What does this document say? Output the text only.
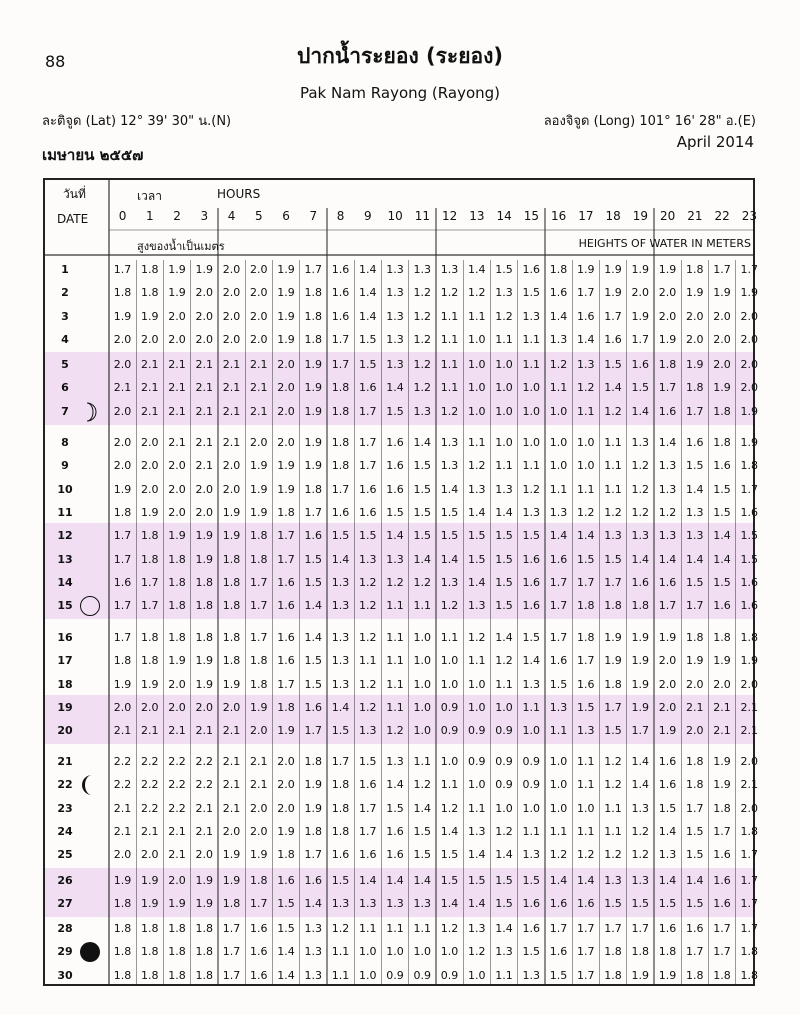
88	ปากน้ำระยอง (ระยอง)
Pak Nam Rayong (Rayong)
ละติจูด (Lat) 12° 39' 30" น.(N)	ลองจิจูด (Long) 101° 16' 28" อ.(E)
เมษายน ๒๕๕๗
April 2014
วันที่
DATE
เวลา	HOURS
0	1	2	3	4	5	6	7	8	9	10 11 12 13 14 15 16 17 18 19 20 21 22 23
สูงของน้ำเป็นเมตร	HEIGHTS OF WATER IN METERS
1	1.7 1.8 1.9 1.9 2.0 2.0 1.9 1.7 1.6 1.4 1.3 1.3 1.3 1.4 1.5 1.6 1.8 1.9 1.9 1.9 1.9 1.8 1.7 1.7
2	1.8 1.8 1.9 2.0 2.0 2.0 1.9 1.8 1.6 1.4 1.3 1.2 1.2 1.2 1.3 1.5 1.6 1.7 1.9 2.0 2.0 1.9 1.9 1.9
3	1.9 1.9 2.0 2.0 2.0 2.0 1.9 1.8 1.6 1.4 1.3 1.2 1.1 1.1 1.2 1.3 1.4 1.6 1.7 1.9 2.0 2.0 2.0 2.0
4	2.0 2.0 2.0 2.0 2.0 2.0 1.9 1.8 1.7 1.5 1.3 1.2 1.1 1.0 1.1 1.1 1.3 1.4 1.6 1.7 1.9 2.0 2.0 2.0
5	2.0 2.1 2.1 2.1 2.1 2.1 2.0 1.9 1.7 1.5 1.3 1.2 1.1 1.0 1.0 1.1 1.2 1.3 1.5 1.6 1.8 1.9 2.0 2.0
6	2.1 2.1 2.1 2.1 2.1 2.1 2.0 1.9 1.8 1.6 1.4 1.2 1.1 1.0 1.0 1.0 1.1 1.2 1.4 1.5 1.7 1.8 1.9 2.0
7	2.0 2.1 2.1 2.1 2.1 2.1 2.0 1.9 1.8 1.7 1.5 1.3 1.2 1.0 1.0 1.0 1.0 1.1 1.2 1.4 1.6 1.7 1.8 1.9
8	2.0 2.0 2.1 2.1 2.1 2.0 2.0 1.9 1.8 1.7 1.6 1.4 1.3 1.1 1.0 1.0 1.0 1.0 1.1 1.3 1.4 1.6 1.8 1.9
9	2.0 2.0 2.0 2.1 2.0 1.9 1.9 1.9 1.8 1.7 1.6 1.5 1.3 1.2 1.1 1.1 1.0 1.0 1.1 1.2 1.3 1.5 1.6 1.8
10	1.9 2.0 2.0 2.0 2.0 1.9 1.9 1.8 1.7 1.6 1.6 1.5 1.4 1.3 1.3 1.2 1.1 1.1 1.1 1.2 1.3 1.4 1.5 1.7
11	1.8 1.9 2.0 2.0 1.9 1.9 1.8 1.7 1.6 1.6 1.5 1.5 1.5 1.4 1.4 1.3 1.3 1.2 1.2 1.2 1.2 1.3 1.5 1.6
12	1.7 1.8 1.9 1.9 1.9 1.8 1.7 1.6 1.5 1.5 1.4 1.5 1.5 1.5 1.5 1.5 1.4 1.4 1.3 1.3 1.3 1.3 1.4 1.5
13	1.7 1.8 1.8 1.9 1.8 1.8 1.7 1.5 1.4 1.3 1.3 1.4 1.4 1.5 1.5 1.6 1.6 1.5 1.5 1.4 1.4 1.4 1.4 1.5
14	1.6 1.7 1.8 1.8 1.8 1.7 1.6 1.5 1.3 1.2 1.2 1.2 1.3 1.4 1.5 1.6 1.7 1.7 1.7 1.6 1.6 1.5 1.5 1.6
15	1.7 1.7 1.8 1.8 1.8 1.7 1.6 1.4 1.3 1.2 1.1 1.1 1.2 1.3 1.5 1.6 1.7 1.8 1.8 1.8 1.7 1.7 1.6 1.6
16	1.7 1.8 1.8 1.8 1.8 1.7 1.6 1.4 1.3 1.2 1.1 1.0 1.1 1.2 1.4 1.5 1.7 1.8 1.9 1.9 1.9 1.8 1.8 1.8
17	1.8 1.8 1.9 1.9 1.8 1.8 1.6 1.5 1.3 1.1 1.1 1.0 1.0 1.1 1.2 1.4 1.6 1.7 1.9 1.9 2.0 1.9 1.9 1.9
18	1.9 1.9 2.0 1.9 1.9 1.8 1.7 1.5 1.3 1.2 1.1 1.0 1.0 1.0 1.1 1.3 1.5 1.6 1.8 1.9 2.0 2.0 2.0 2.0
19	2.0 2.0 2.0 2.0 2.0 1.9 1.8 1.6 1.4 1.2 1.1 1.0 0.9 1.0 1.0 1.1 1.3 1.5 1.7 1.9 2.0 2.1 2.1 2.1
20	2.1 2.1 2.1 2.1 2.1 2.0 1.9 1.7 1.5 1.3 1.2 1.0 0.9 0.9 0.9 1.0 1.1 1.3 1.5 1.7 1.9 2.0 2.1 2.1
21	2.2 2.2 2.2 2.2 2.1 2.1 2.0 1.8 1.7 1.5 1.3 1.1 1.0 0.9 0.9 0.9 1.0 1.1 1.2 1.4 1.6 1.8 1.9 2.0
22	2.2 2.2 2.2 2.2 2.1 2.1 2.0 1.9 1.8 1.6 1.4 1.2 1.1 1.0 0.9 0.9 1.0 1.1 1.2 1.4 1.6 1.8 1.9 2.1
23	2.1 2.2 2.2 2.1 2.1 2.0 2.0 1.9 1.8 1.7 1.5 1.4 1.2 1.1 1.0 1.0 1.0 1.0 1.1 1.3 1.5 1.7 1.8 2.0
24	2.1 2.1 2.1 2.1 2.0 2.0 1.9 1.8 1.8 1.7 1.6 1.5 1.4 1.3 1.2 1.1 1.1 1.1 1.1 1.2 1.4 1.5 1.7 1.8
25	2.0 2.0 2.1 2.0 1.9 1.9 1.8 1.7 1.6 1.6 1.6 1.5 1.5 1.4 1.4 1.3 1.2 1.2 1.2 1.2 1.3 1.5 1.6 1.7
26	1.9 1.9 2.0 1.9 1.9 1.8 1.6 1.6 1.5 1.4 1.4 1.4 1.5 1.5 1.5 1.5 1.4 1.4 1.3 1.3 1.4 1.4 1.6 1.7
27	1.8 1.9 1.9 1.9 1.8 1.7 1.5 1.4 1.3 1.3 1.3 1.3 1.4 1.4 1.5 1.6 1.6 1.6 1.5 1.5 1.5 1.5 1.6 1.7
28	1.8 1.8 1.8 1.8 1.7 1.6 1.5 1.3 1.2 1.1 1.1 1.1 1.2 1.3 1.4 1.6 1.7 1.7 1.7 1.7 1.6 1.6 1.7 1.7
29	1.8 1.8 1.8 1.8 1.7 1.6 1.4 1.3 1.1 1.0 1.0 1.0 1.0 1.2 1.3 1.5 1.6 1.7 1.8 1.8 1.8 1.7 1.7 1.8
30	1.8 1.8 1.8 1.8 1.7 1.6 1.4 1.3 1.1 1.0 0.9 0.9 0.9 1.0 1.1 1.3 1.5 1.7 1.8 1.9 1.9 1.8 1.8 1.8
